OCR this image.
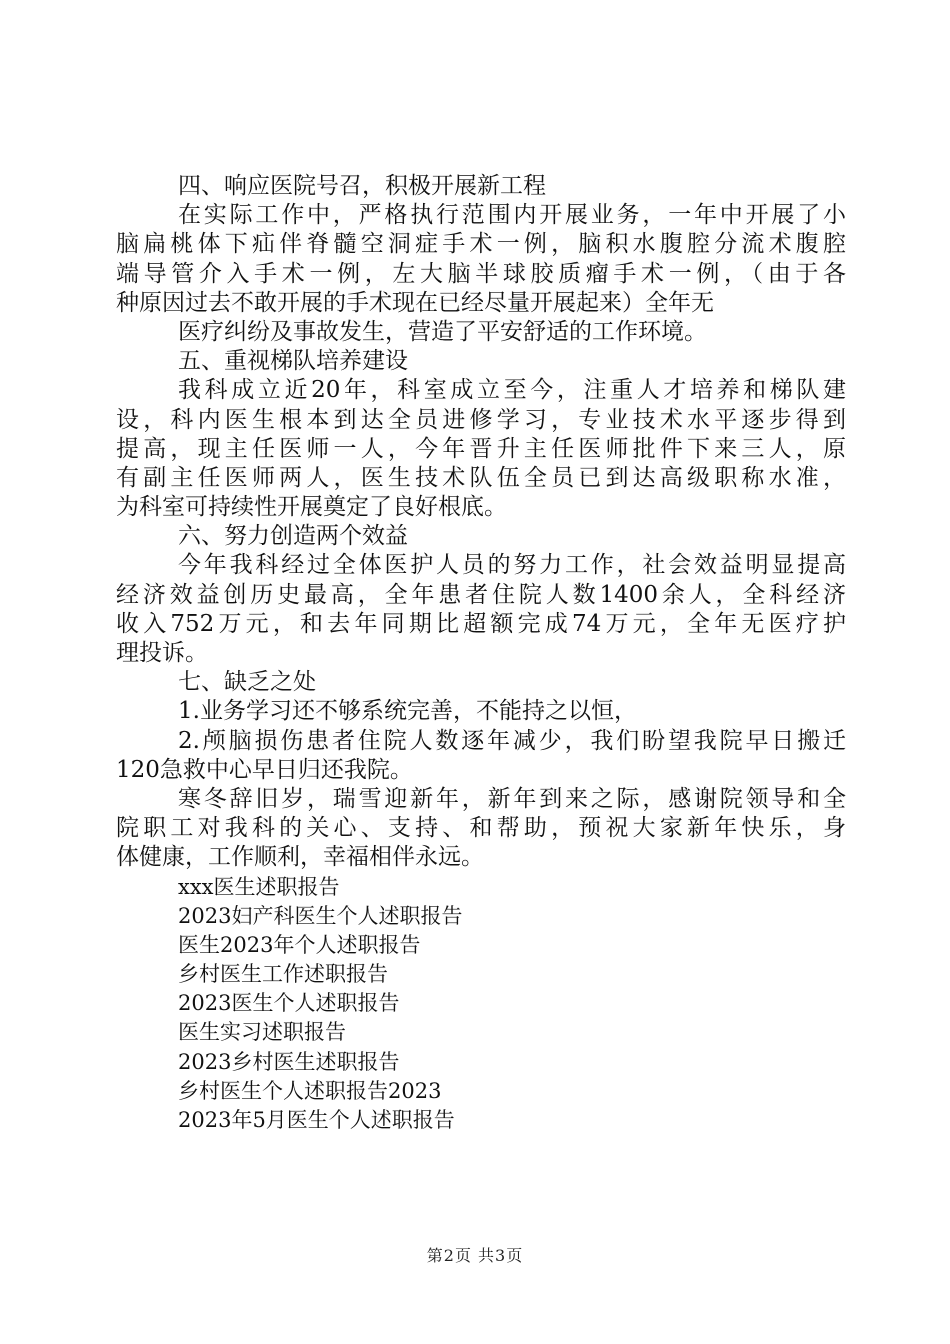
四、响应医院号召，积极开展新工程
在实际工作中，严格执行范围内开展业务，一年中开展了小
脑扁桃体下疝伴脊髓空洞症手术一例，脑积水腹腔分流术腹腔
端导管介入手术一例，左大脑半球胶质瘤手术一例，（由于各
种原因过去不敢开展的手术现在已经尽量开展起来）全年无
医疗纠纷及事故发生，营造了平安舒适的工作环境。
五、重视梯队培养建设
我科成立近20年，科室成立至今，注重人才培养和梯队建
设，科内医生根本到达全员进修学习，专业技术水平逐步得到
提高，现主任医师一人，今年晋升主任医师批件下来三人，原
有副主任医师两人，医生技术队伍全员已到达高级职称水准，
为科室可持续性开展奠定了良好根底。
六、努力创造两个效益
今年我科经过全体医护人员的努力工作，社会效益明显提高
经济效益创历史最高，全年患者住院人数1400余人，全科经济
收入752万元，和去年同期比超额完成74万元，全年无医疗护
理投诉。
七、缺乏之处
1.业务学习还不够系统完善，不能持之以恒，
2.颅脑损伤患者住院人数逐年减少，我们盼望我院早日搬迁
120急救中心早日归还我院。
寒冬辞旧岁，瑞雪迎新年，新年到来之际，感谢院领导和全
院职工对我科的关心、支持、和帮助，预祝大家新年快乐，身
体健康，工作顺利，幸福相伴永远。
xxx医生述职报告
2023妇产科医生个人述职报告
医生2023年个人述职报告
乡村医生工作述职报告
2023医生个人述职报告
医生实习述职报告
2023乡村医生述职报告
乡村医生个人述职报告2023
2023年5月医生个人述职报告
第2页 共3页
